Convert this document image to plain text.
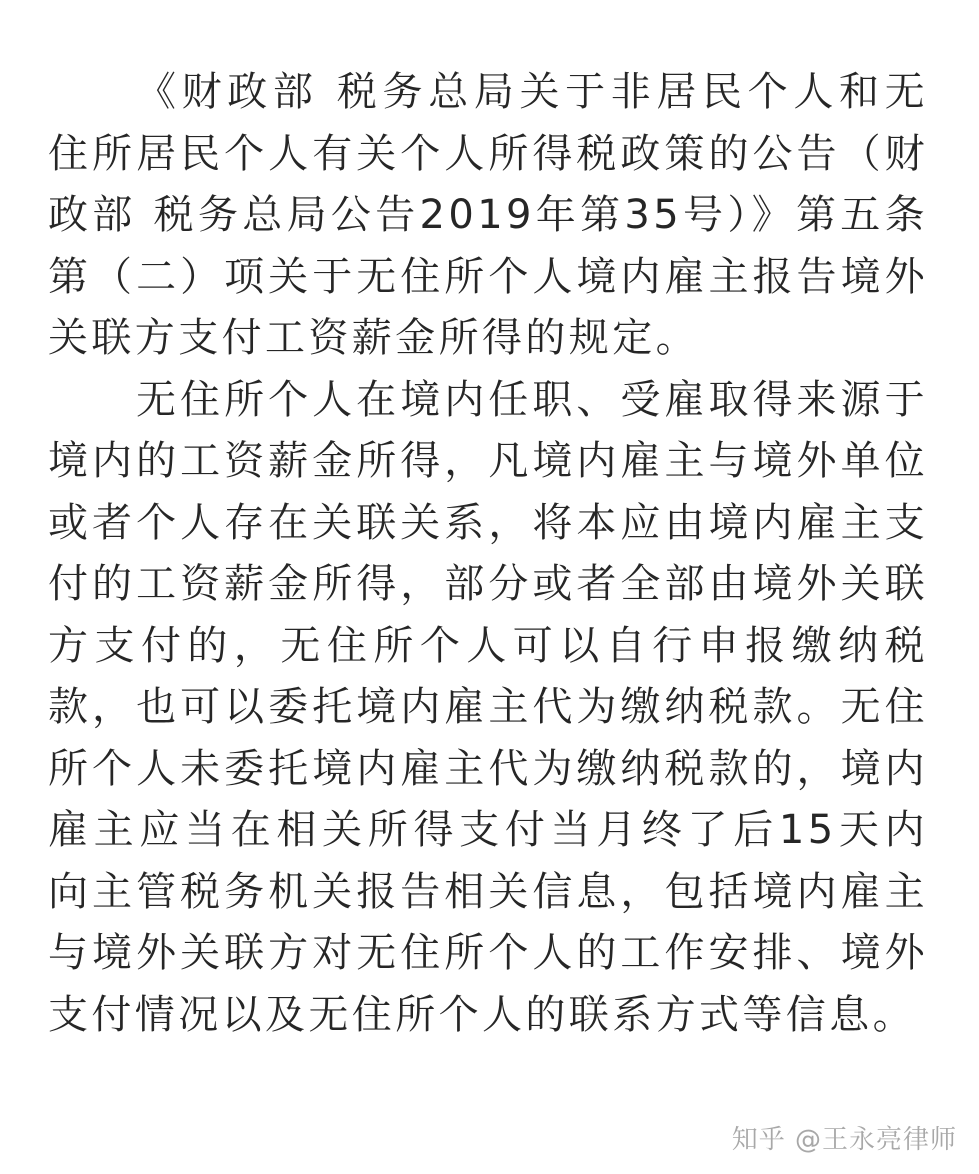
《财政部 税务总局关于非居民个人和无住所居民个人有关个人所得税政策的公告（财政部 税务总局公告2019年第35号）》第五条第（二）项关于无住所个人境内雇主报告境外关联方支付工资薪金所得的规定。

无住所个人在境内任职、受雇取得来源于境内的工资薪金所得，凡境内雇主与境外单位或者个人存在关联关系，将本应由境内雇主支付的工资薪金所得，部分或者全部由境外关联方支付的，无住所个人可以自行申报缴纳税款，也可以委托境内雇主代为缴纳税款。无住所个人未委托境内雇主代为缴纳税款的，境内雇主应当在相关所得支付当月终了后15天内向主管税务机关报告相关信息，包括境内雇主与境外关联方对无住所个人的工作安排、境外支付情况以及无住所个人的联系方式等信息。

知乎 @王永亮律师
